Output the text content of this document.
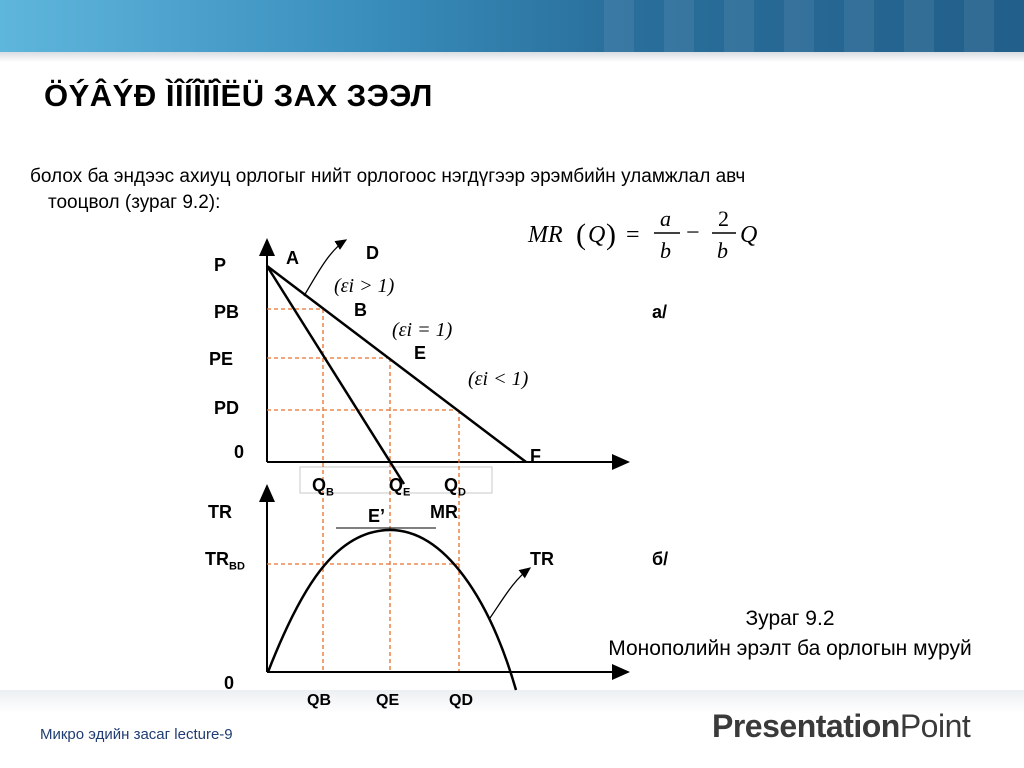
ÖÝÂÝÐ ÌÎÍÎÏÎËÜ ЗАХ ЗЭЭЛ
болох ба эндээс ахиуц орлогыг нийт орлогоос нэгдүгээр эрэмбийн уламжлал авч
тооцвол (зураг 9.2):
MR ( Q ) =
a
b
−
2
b
Q
(εi > 1)
(εi = 1)
(εi < 1)
P
PB
PE
PD
0
A	D
B
E
F
а/
$Q_B$	$Q_E$ $Q_D$
MR
TR
$TR_{BD}$
0
E’
TR	б/
QB	QE	QD
Зураг 9.2
Монополийн эрэлт ба орлогын муруй
Микро эдийн засаг lecture-9	PresentationPoint
